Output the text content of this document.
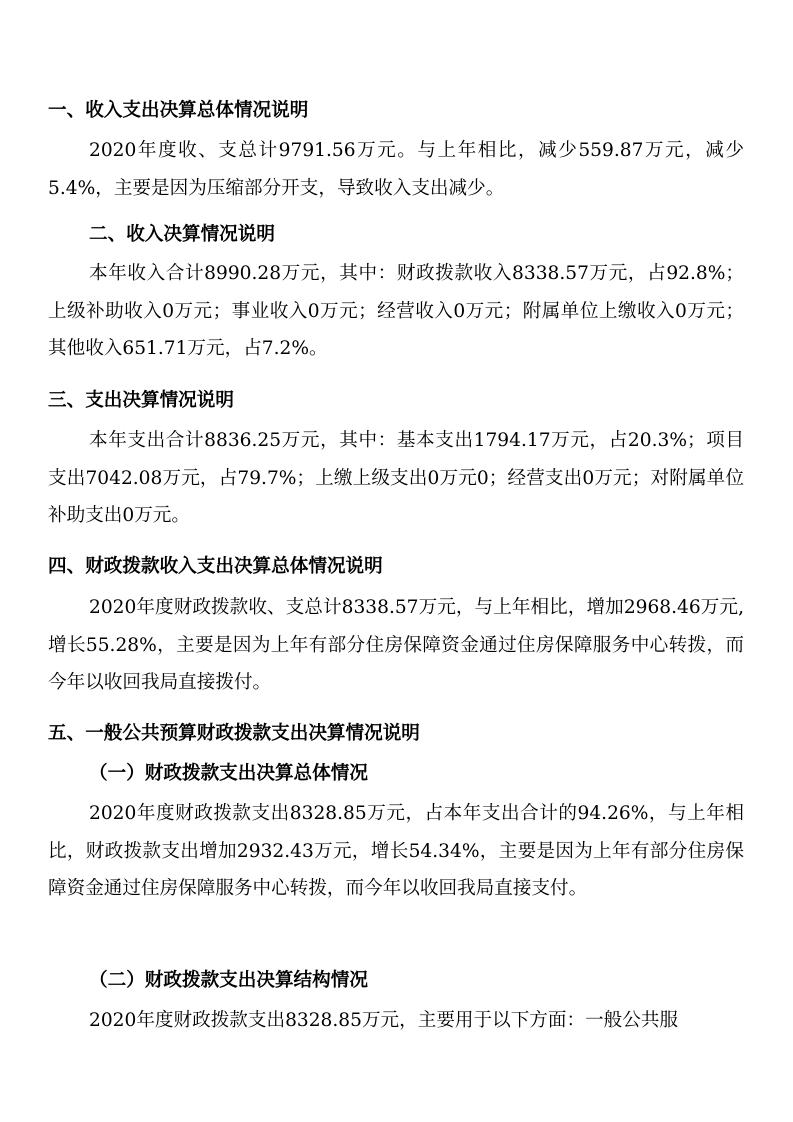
一、收入支出决算总体情况说明

2020年度收、支总计9791.56万元。与上年相比，减少559.87万元，减少5.4%，主要是因为压缩部分开支，导致收入支出减少。

二、收入决算情况说明

本年收入合计8990.28万元，其中：财政拨款收入8338.57万元，占92.8%；上级补助收入0万元；事业收入0万元；经营收入0万元；附属单位上缴收入0万元；其他收入651.71万元，占7.2%。

三、支出决算情况说明

本年支出合计8836.25万元，其中：基本支出1794.17万元，占20.3%；项目支出7042.08万元，占79.7%；上缴上级支出0万元0；经营支出0万元；对附属单位补助支出0万元。

四、财政拨款收入支出决算总体情况说明

2020年度财政拨款收、支总计8338.57万元，与上年相比，增加2968.46万元,增长55.28%，主要是因为上年有部分住房保障资金通过住房保障服务中心转拨，而今年以收回我局直接拨付。

五、一般公共预算财政拨款支出决算情况说明
（一）财政拨款支出决算总体情况

2020年度财政拨款支出8328.85万元，占本年支出合计的94.26%，与上年相比，财政拨款支出增加2932.43万元，增长54.34%，主要是因为上年有部分住房保障资金通过住房保障服务中心转拨，而今年以收回我局直接支付。

（二）财政拨款支出决算结构情况

2020年度财政拨款支出8328.85万元，主要用于以下方面：一般公共服
